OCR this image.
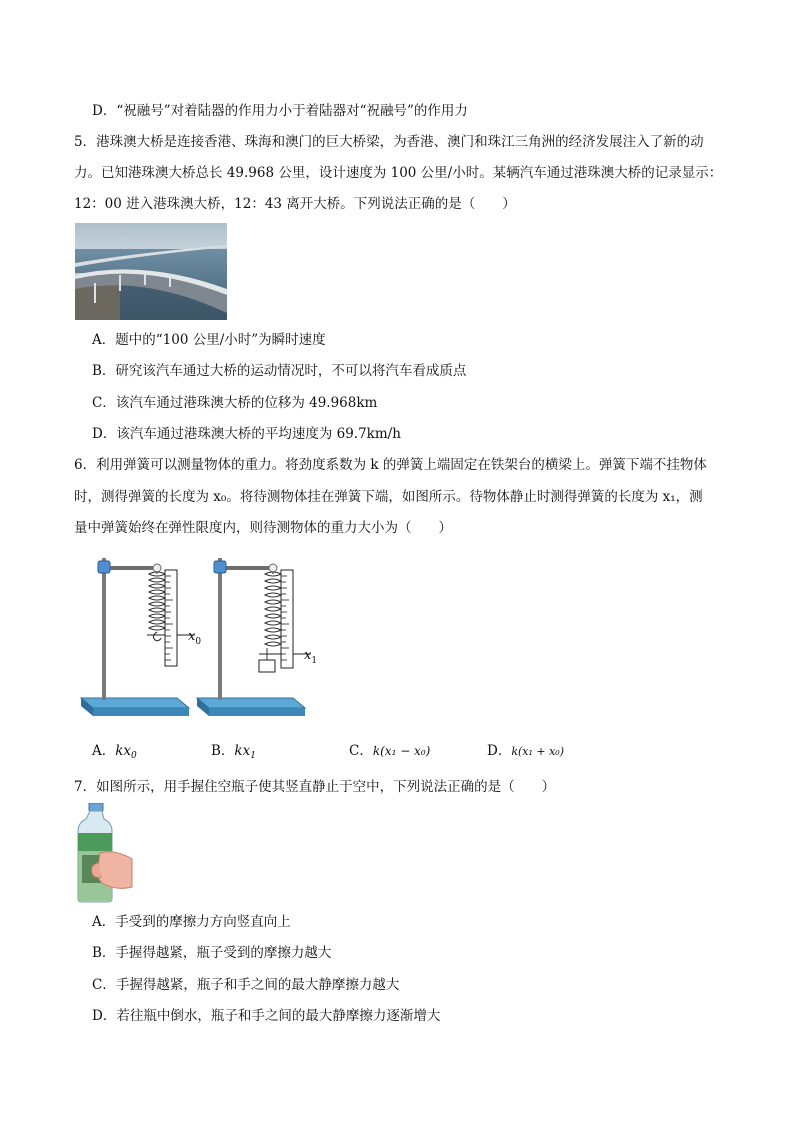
D．“祝融号”对着陆器的作用力小于着陆器对“祝融号”的作用力
5．港珠澳大桥是连接香港、珠海和澳门的巨大桥梁，为香港、澳门和珠江三角洲的经济发展注入了新的动
力。已知港珠澳大桥总长 49.968 公里，设计速度为 100 公里/小时。某辆汽车通过港珠澳大桥的记录显示：
12：00 进入港珠澳大桥，12：43 离开大桥。下列说法正确的是（　　）
A．题中的“100 公里/小时”为瞬时速度
B．研究该汽车通过大桥的运动情况时，不可以将汽车看成质点
C．该汽车通过港珠澳大桥的位移为 49.968km
D．该汽车通过港珠澳大桥的平均速度为 69.7km/h
6．利用弹簧可以测量物体的重力。将劲度系数为 k 的弹簧上端固定在铁架台的横梁上。弹簧下端不挂物体
时，测得弹簧的长度为 x₀。将待测物体挂在弹簧下端，如图所示。待物体静止时测得弹簧的长度为 x₁，测
量中弹簧始终在弹性限度内，则待测物体的重力大小为（　　）
$x_0$
$x_1$
A．$kx_0$	B．$kx_1$	C．k(x₁ − x₀)	D．k(x₁ + x₀)
7．如图所示，用手握住空瓶子使其竖直静止于空中，下列说法正确的是（　　）
A．手受到的摩擦力方向竖直向上
B．手握得越紧，瓶子受到的摩擦力越大
C．手握得越紧，瓶子和手之间的最大静摩擦力越大
D．若往瓶中倒水，瓶子和手之间的最大静摩擦力逐渐增大
